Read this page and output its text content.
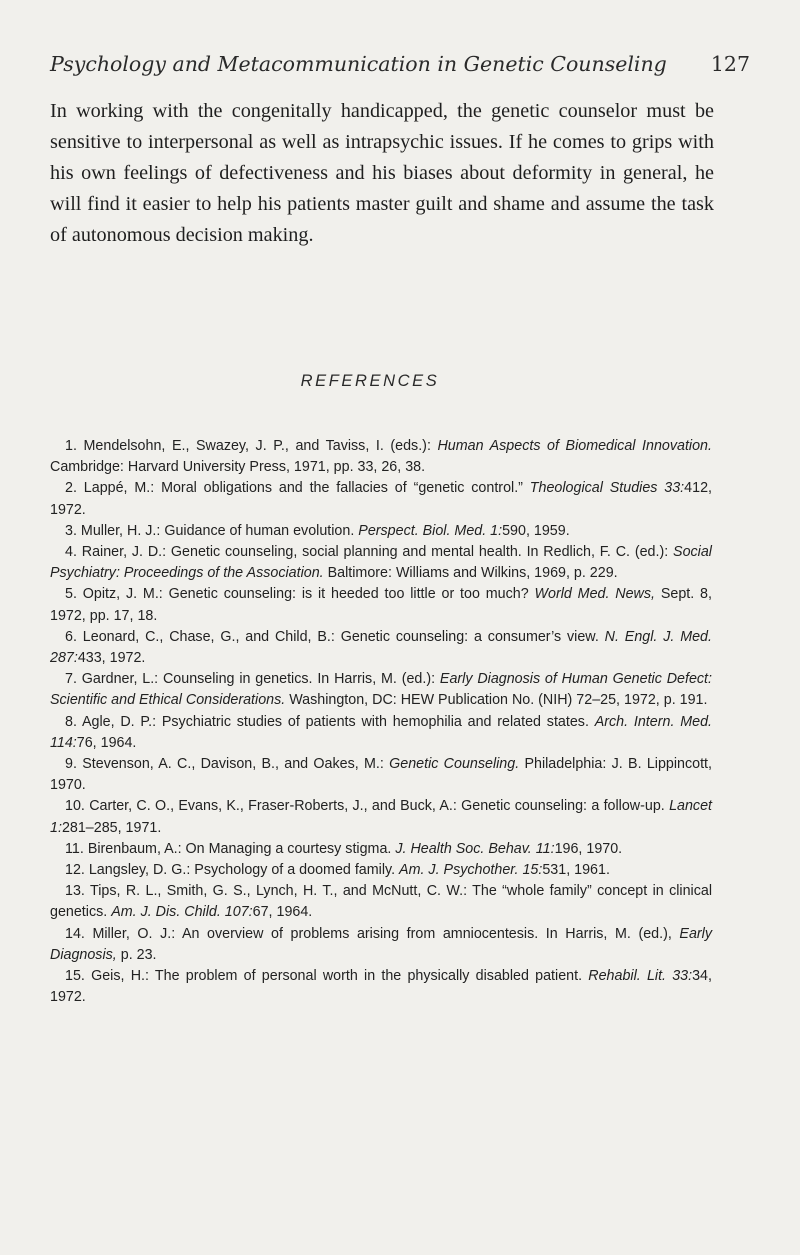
Psychology and Metacommunication in Genetic Counseling 127

In working with the congenitally handicapped, the genetic counselor must be sensitive to interpersonal as well as intrapsychic issues. If he comes to grips with his own feelings of defectiveness and his biases about deformity in general, he will find it easier to help his patients master guilt and shame and assume the task of autonomous decision making.

REFERENCES
1. Mendelsohn, E., Swazey, J. P., and Taviss, I. (eds.): Human Aspects of Biomedical Innovation. Cambridge: Harvard University Press, 1971, pp. 33, 26, 38.
2. Lappé, M.: Moral obligations and the fallacies of “genetic control.” Theological Studies 33:412, 1972.
3. Muller, H. J.: Guidance of human evolution. Perspect. Biol. Med. 1:590, 1959.
4. Rainer, J. D.: Genetic counseling, social planning and mental health. In Redlich, F. C. (ed.): Social Psychiatry: Proceedings of the Association. Baltimore: Williams and Wilkins, 1969, p. 229.
5. Opitz, J. M.: Genetic counseling: is it heeded too little or too much? World Med. News, Sept. 8, 1972, pp. 17, 18.
6. Leonard, C., Chase, G., and Child, B.: Genetic counseling: a consumer’s view. N. Engl. J. Med. 287:433, 1972.
7. Gardner, L.: Counseling in genetics. In Harris, M. (ed.): Early Diagnosis of Human Genetic Defect: Scientific and Ethical Considerations. Washington, DC: HEW Publication No. (NIH) 72–25, 1972, p. 191.
8. Agle, D. P.: Psychiatric studies of patients with hemophilia and related states. Arch. Intern. Med. 114:76, 1964.
9. Stevenson, A. C., Davison, B., and Oakes, M.: Genetic Counseling. Philadelphia: J. B. Lippincott, 1970.
10. Carter, C. O., Evans, K., Fraser-Roberts, J., and Buck, A.: Genetic counseling: a follow-up. Lancet 1:281–285, 1971.
11. Birenbaum, A.: On Managing a courtesy stigma. J. Health Soc. Behav. 11:196, 1970.
12. Langsley, D. G.: Psychology of a doomed family. Am. J. Psychother. 15:531, 1961.
13. Tips, R. L., Smith, G. S., Lynch, H. T., and McNutt, C. W.: The “whole family” concept in clinical genetics. Am. J. Dis. Child. 107:67, 1964.
14. Miller, O. J.: An overview of problems arising from amniocentesis. In Harris, M. (ed.), Early Diagnosis, p. 23.
15. Geis, H.: The problem of personal worth in the physically disabled patient. Rehabil. Lit. 33:34, 1972.
